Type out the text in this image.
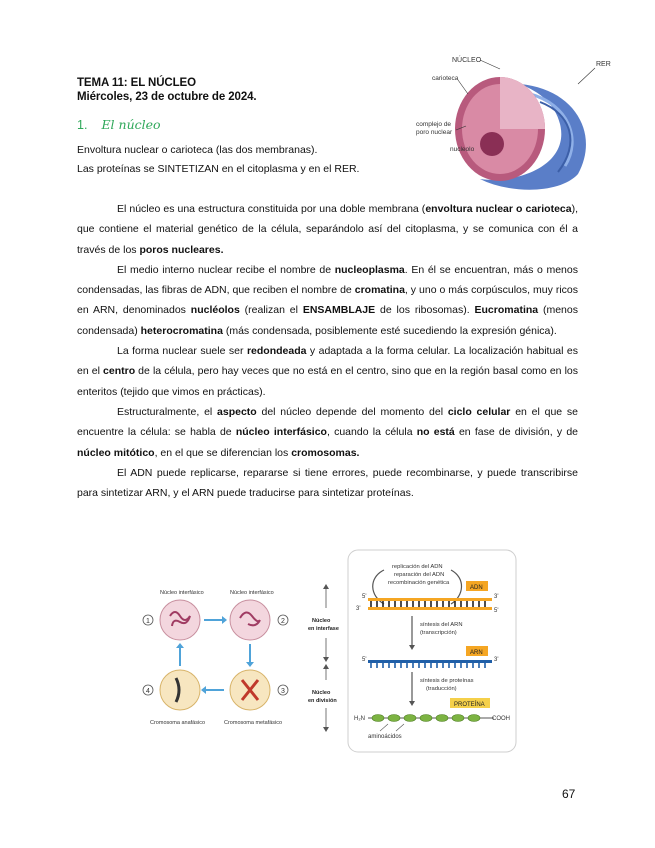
TEMA 11: EL NÚCLEO
Miércoles, 23 de octubre de 2024.
1. El núcleo
Envoltura nuclear o carioteca (las dos membranas).
Las proteínas se SINTETIZAN en el citoplasma y en el RER.
NÚCLEO
RER
carioteca
complejo de
poro nuclear
nucleolo

El núcleo es una estructura constituida por una doble membrana (envoltura nuclear o carioteca), que contiene el material genético de la célula, separándolo así del citoplasma, y se comunica con él a través de los poros nucleares.

El medio interno nuclear recibe el nombre de nucleoplasma. En él se encuentran, más o menos condensadas, las fibras de ADN, que reciben el nombre de cromatina, y uno o más corpúsculos, muy ricos en ARN, denominados nucléolos (realizan el ENSAMBLAJE de los ribosomas). Eucromatina (menos condensada) heterocromatina (más condensada, posiblemente esté sucediendo la expresión génica).

La forma nuclear suele ser redondeada y adaptada a la forma celular. La localización habitual es en el centro de la célula, pero hay veces que no está en el centro, sino que en la región basal como en los enteritos (tejido que vimos en prácticas).

Estructuralmente, el aspecto del núcleo depende del momento del ciclo celular en el que se encuentre la célula: se habla de núcleo interfásico, cuando la célula no está en fase de división, y de núcleo mitótico, en el que se diferencian los cromosomas.

El ADN puede replicarse, repararse si tiene errores, puede recombinarse, y puede transcribirse para sintetizar ARN, y el ARN puede traducirse para sintetizar proteínas.

Núcleo interfásico	Núcleo interfásico
1	2
3
4
Cromosoma anafásico	Cromosoma metafásico
replicación del ADN
reparación del ADN
recombinación genética
ADN
5'	3'
3'	5'
síntesis del ARN
(transcripción)
ARN
5'	3'
síntesis de proteínas
(traducción)
PROTEÍNA
H₂N	COOH
aminoácidos
Núcleo
en interfase
Núcleo
en división
67
